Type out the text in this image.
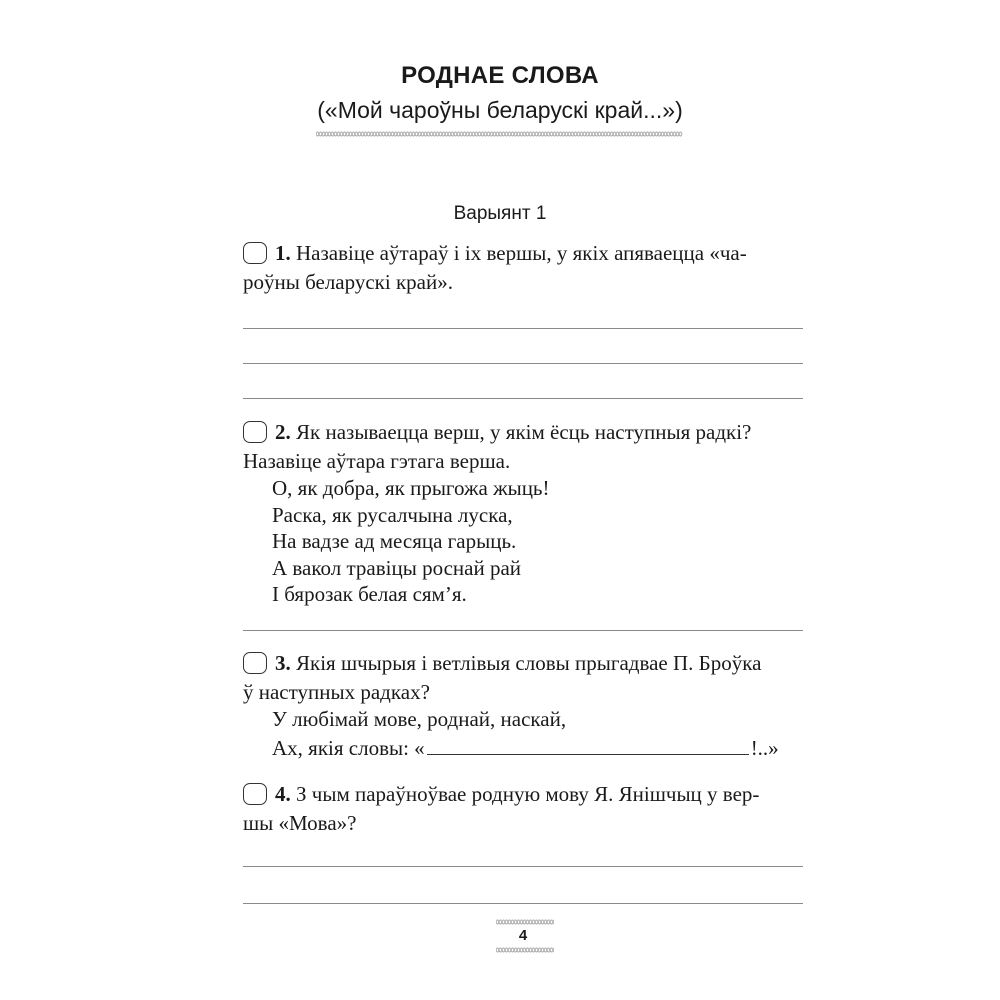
РОДНАЕ СЛОВА
(«Мой чароўны беларускі край...»)
Варыянт 1
1. Назавіце аўтараў і іх вершы, у якіх апяваецца «ча-
роўны беларускі край».
2. Як называецца верш, у якім ёсць наступныя радкі?
Назавіце аўтара гэтага верша.
О, як добра, як прыгожа жыць!
Раска, як русалчына луска,
На вадзе ад месяца гарыць.
А вакол травіцы роснай рай
І бярозак белая сям’я.
3. Якія шчырыя і ветлівыя словы прыгадвае П. Броўка
ў наступных радках?
У любімай мове, роднай, наскай,
Ах, якія словы: «	!..»
4. З чым параўноўвае родную мову Я. Янішчыц у вер-
шы «Мова»?
4
